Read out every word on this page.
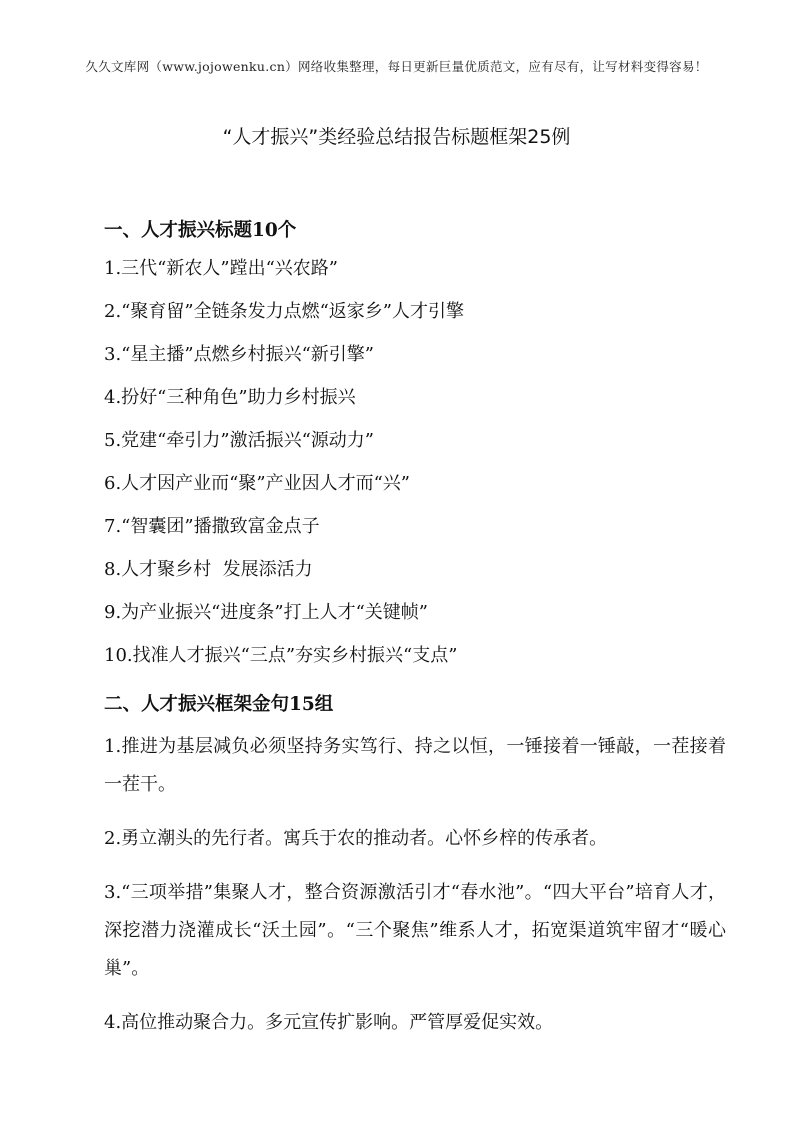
久久文库网（www.jojowenku.cn）网络收集整理，每日更新巨量优质范文，应有尽有，让写材料变得容易！
“人才振兴”类经验总结报告标题框架25例

一、人才振兴标题10个

1.三代“新农人”蹚出“兴农路”

2.“聚育留”全链条发力点燃“返家乡”人才引擎

3.“星主播”点燃乡村振兴“新引擎”

4.扮好“三种角色”助力乡村振兴

5.党建“牵引力”激活振兴“源动力”

6.人才因产业而“聚”产业因人才而“兴”

7.“智囊团”播撒致富金点子

8.人才聚乡村  发展添活力

9.为产业振兴“进度条”打上人才“关键帧”

10.找准人才振兴“三点”夯实乡村振兴“支点”

二、人才振兴框架金句15组

1.推进为基层减负必须坚持务实笃行、持之以恒，一锤接着一锤敲，一茬接着一茬干。

2.勇立潮头的先行者。寓兵于农的推动者。心怀乡梓的传承者。

3.“三项举措”集聚人才，整合资源激活引才“春水池”。“四大平台”培育人才，深挖潜力浇灌成长“沃土园”。“三个聚焦”维系人才，拓宽渠道筑牢留才“暖心巢”。

4.高位推动聚合力。多元宣传扩影响。严管厚爱促实效。
